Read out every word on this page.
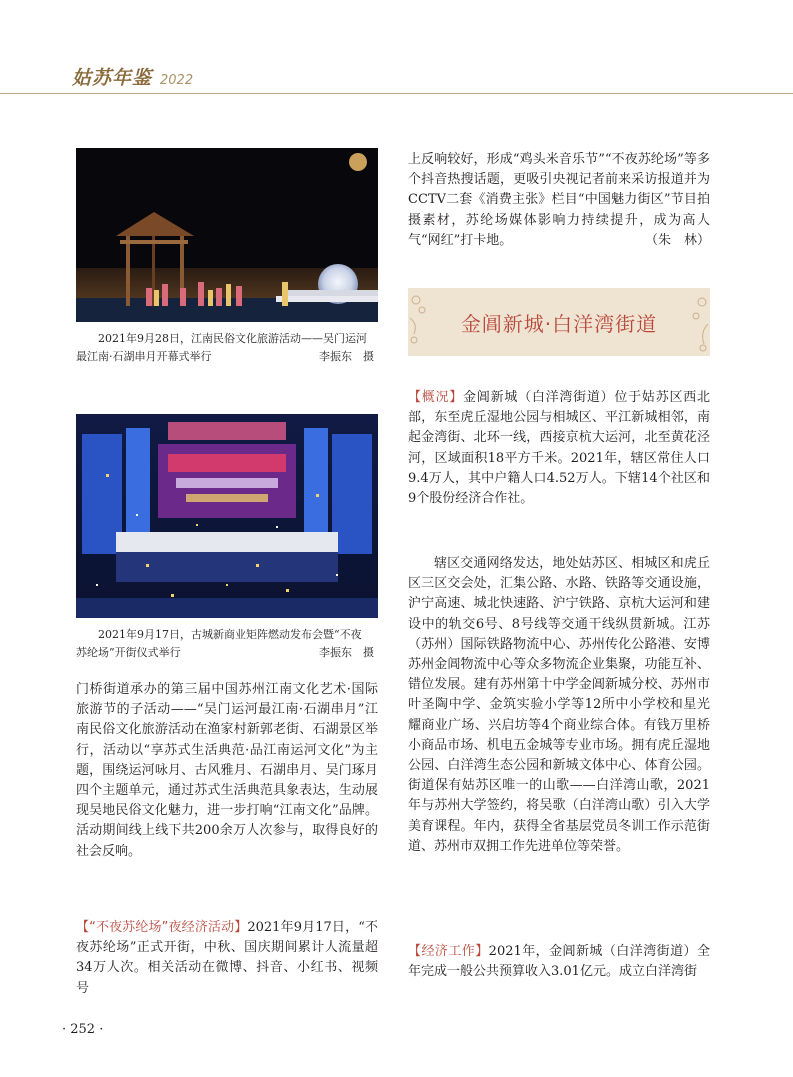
姑苏年鉴 2022
2021年9月28日，江南民俗文化旅游活动——吴门运河
最江南·石湖串月开幕式举行	李振东　摄
2021年9月17日，古城新商业矩阵燃动发布会暨“不夜
苏纶场”开街仪式举行	李振东　摄

门桥街道承办的第三届中国苏州江南文化艺术·国际旅游节的子活动——“吴门运河最江南·石湖串月”江南民俗文化旅游活动在渔家村新郭老街、石湖景区举行，活动以“享苏式生活典范·品江南运河文化”为主题，围绕运河咏月、古风雅月、石湖串月、吴门琢月四个主题单元，通过苏式生活典范具象表达，生动展现吴地民俗文化魅力，进一步打响“江南文化”品牌。活动期间线上线下共200余万人次参与，取得良好的社会反响。

【“不夜苏纶场”夜经济活动】2021年9月17日，“不夜苏纶场”正式开街，中秋、国庆期间累计人流量超34万人次。相关活动在微博、抖音、小红书、视频号

上反响较好，形成“鸡头米音乐节”“不夜苏纶场”等多个抖音热搜话题，更吸引央视记者前来采访报道并为CCTV二套《消费主张》栏目“中国魅力街区”节目拍摄素材，苏纶场媒体影响力持续提升，成为高人气“网红”打卡地。	（朱　林）

金阊新城·白洋湾街道

【概况】金阊新城（白洋湾街道）位于姑苏区西北部，东至虎丘湿地公园与相城区、平江新城相邻，南起金湾街、北环一线，西接京杭大运河，北至黄花泾河，区域面积18平方千米。2021年，辖区常住人口9.4万人，其中户籍人口4.52万人。下辖14个社区和9个股份经济合作社。

辖区交通网络发达，地处姑苏区、相城区和虎丘区三区交会处，汇集公路、水路、铁路等交通设施，沪宁高速、城北快速路、沪宁铁路、京杭大运河和建设中的轨交6号、8号线等交通干线纵贯新城。江苏（苏州）国际铁路物流中心、苏州传化公路港、安博苏州金阊物流中心等众多物流企业集聚，功能互补、错位发展。建有苏州第十中学金阊新城分校、苏州市叶圣陶中学、金筑实验小学等12所中小学校和星光耀商业广场、兴启坊等4个商业综合体。有钱万里桥小商品市场、机电五金城等专业市场。拥有虎丘湿地公园、白洋湾生态公园和新城文体中心、体育公园。街道保有姑苏区唯一的山歌——白洋湾山歌，2021年与苏州大学签约，将吴歌（白洋湾山歌）引入大学美育课程。年内，获得全省基层党员冬训工作示范街道、苏州市双拥工作先进单位等荣誉。

【经济工作】2021年，金阊新城（白洋湾街道）全年完成一般公共预算收入3.01亿元。成立白洋湾街

· 252 ·
